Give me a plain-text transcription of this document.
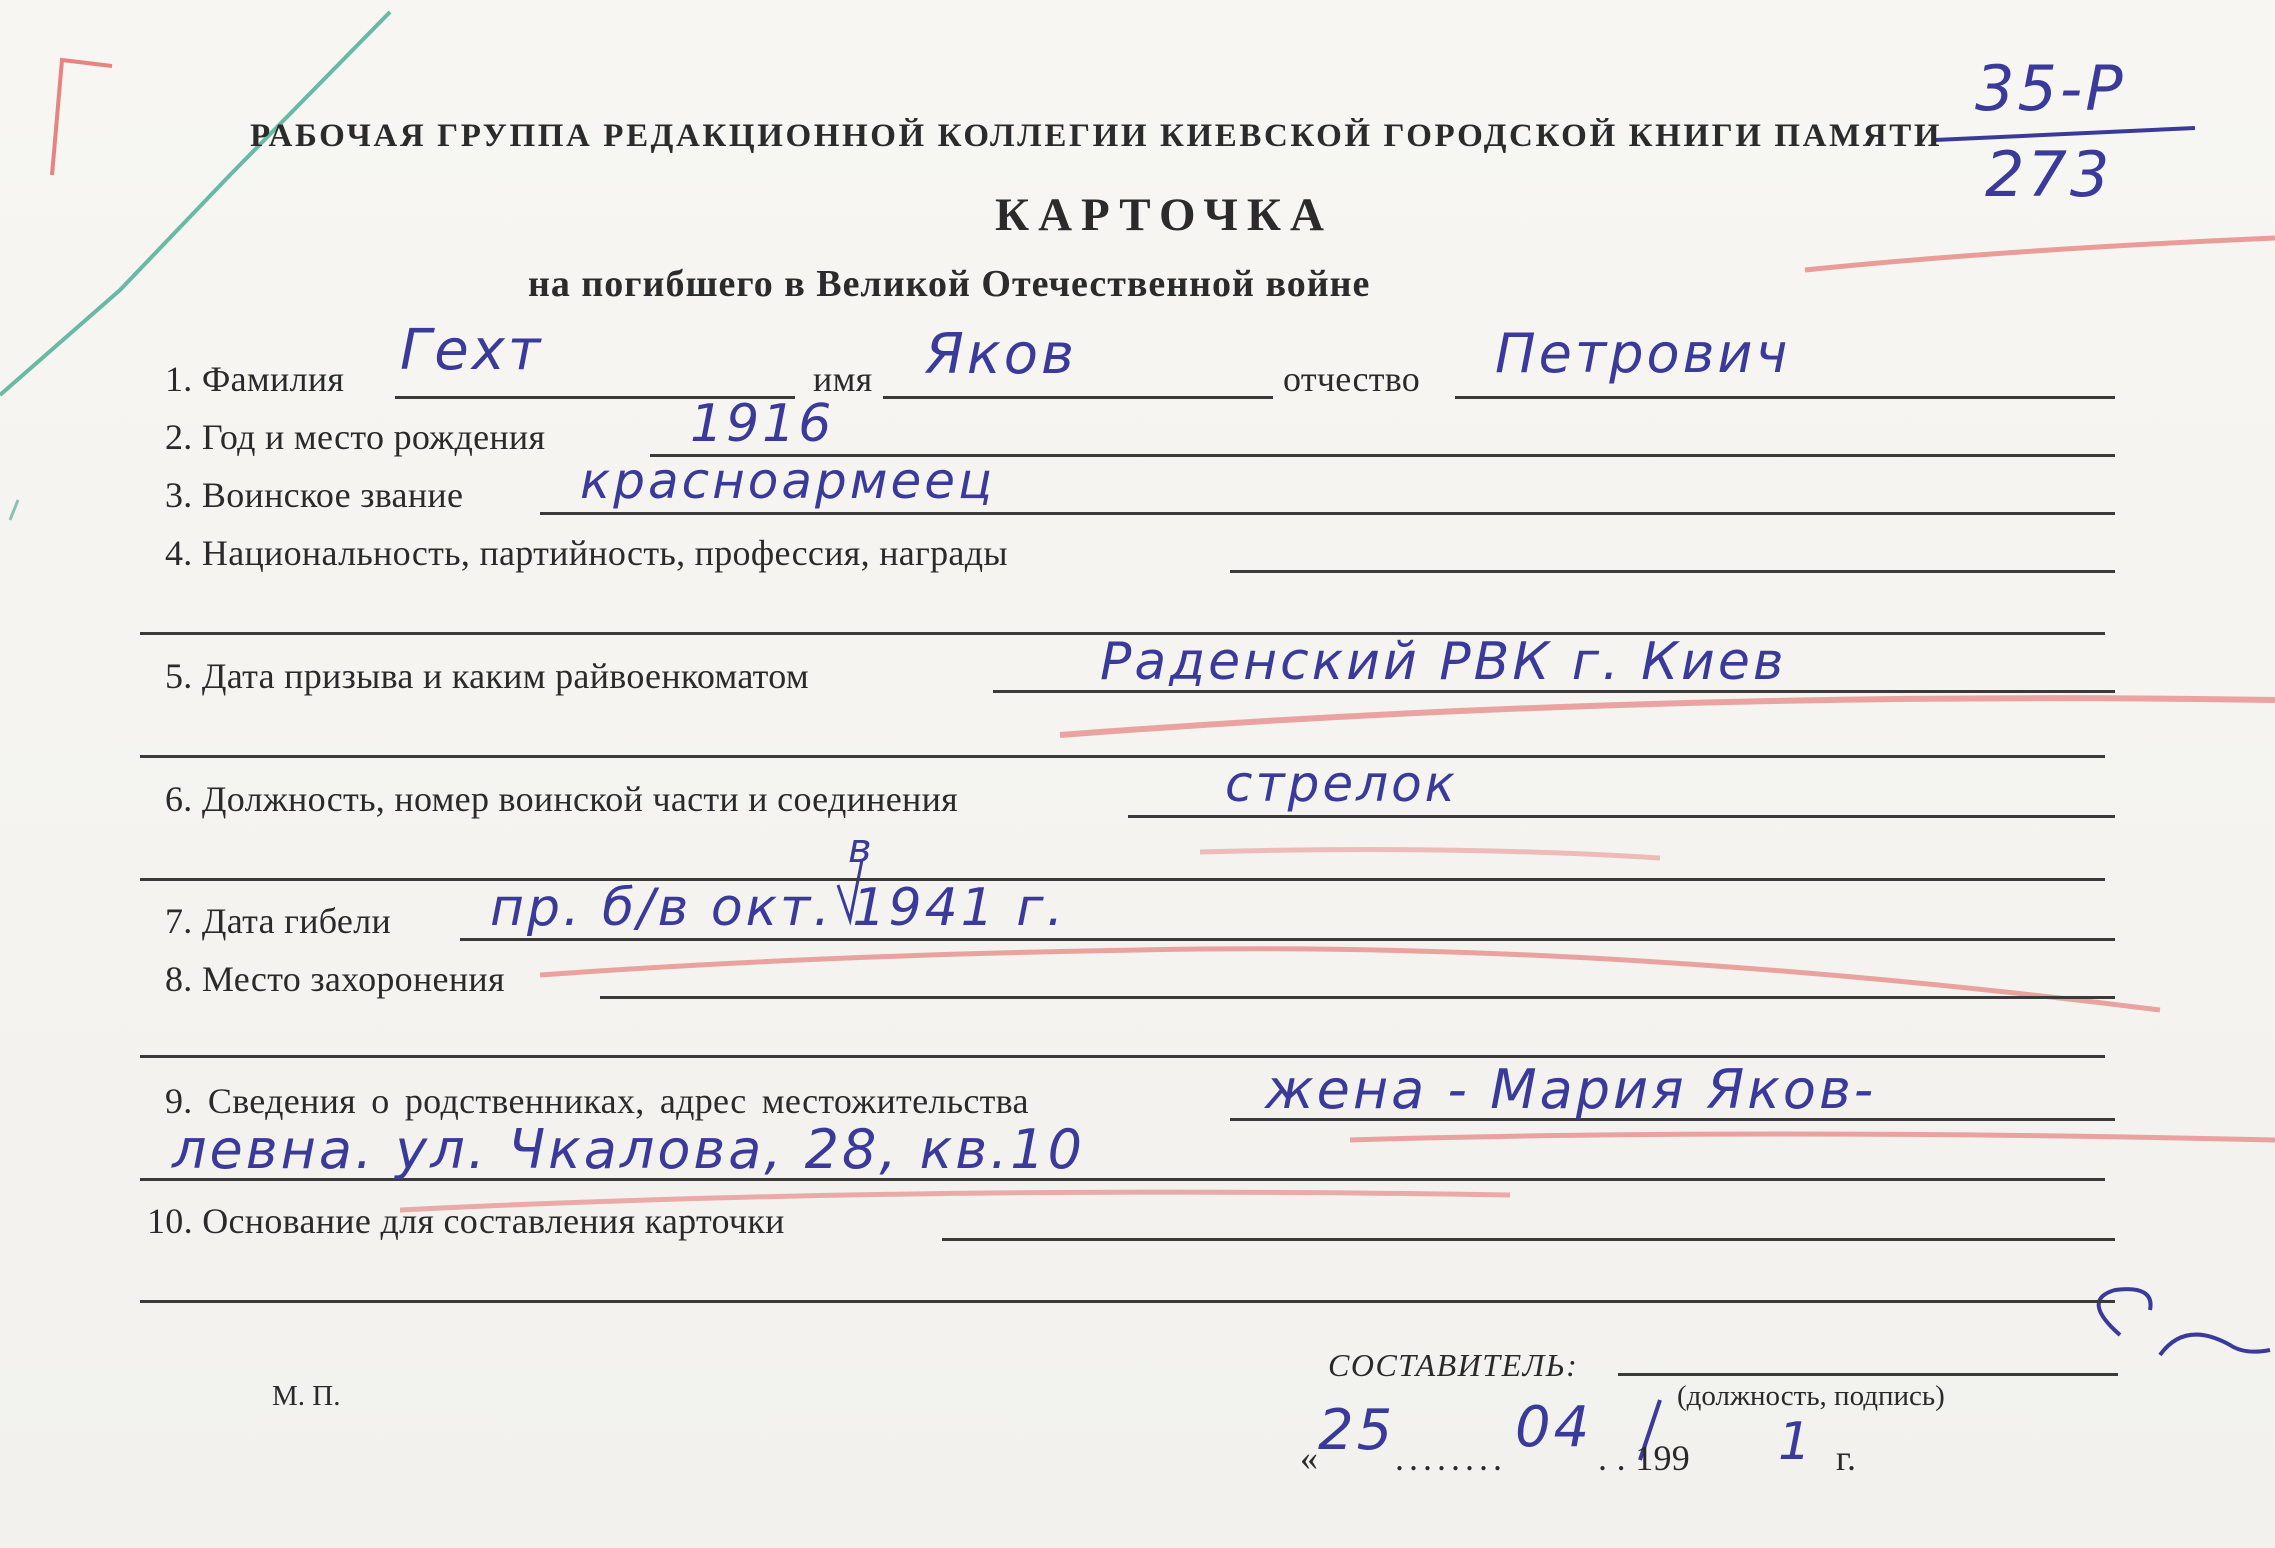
РАБОЧАЯ ГРУППА РЕДАКЦИОННОЙ КОЛЛЕГИИ КИЕВСКОЙ ГОРОДСКОЙ КНИГИ ПАМЯТИ
35-Р
273
КАРТОЧКА
на погибшего в Великой Отечественной войне
1. Фамилия Гехт	имя Яков	отчество Петрович
2. Год и место рождения	1916
3. Воинское звание красноармеец
4. Национальность, партийность, профессия, награды
5. Дата призыва и каким райвоенкоматом	Раденский РВК г. Киев
6. Должность, номер воинской части и соединения	стрелок
7. Дата гибели пр. б/в окт. 1941 г.
в
8. Место захоронения
9. Сведения о родственниках, адрес местожительства	жена - Мария Яков-
левна. ул. Чкалова, 28, кв.10
10. Основание для составления карточки
М. П.
СОСТАВИТЕЛЬ:
(должность, подпись)
« 25 ........ 04 . . 199 1 г.
